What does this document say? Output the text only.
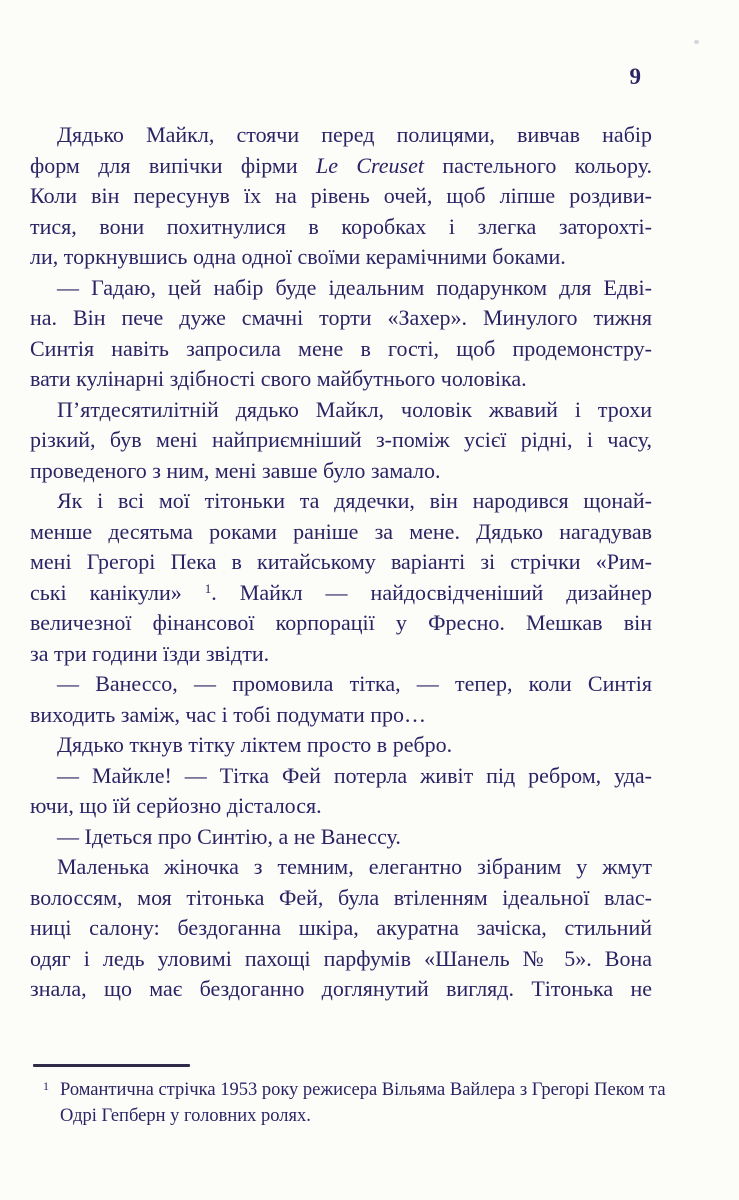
9
Дядько Майкл, стоячи перед полицями, вивчав набір
форм для випічки фірми Le Creuset пастельного кольору.
Коли він пересунув їх на рівень очей, щоб ліпше роздиви-
тися, вони похитнулися в коробках і злегка заторохті-
ли, торкнувшись одна одної своїми керамічними боками.
— Гадаю, цей набір буде ідеальним подарунком для Едві-
на. Він пече дуже смачні торти «Захер». Минулого тижня
Синтія навіть запросила мене в гості, щоб продемонстру-
вати кулінарні здібності свого майбутнього чоловіка.
П’ятдесятилітній дядько Майкл, чоловік жвавий і трохи
різкий, був мені найприємніший з-поміж усієї рідні, і часу,
проведеного з ним, мені завше було замало.
Як і всі мої тітоньки та дядечки, він народився щонай-
менше десятьма роками раніше за мене. Дядько нагадував
мені Грегорі Пека в китайському варіанті зі стрічки «Рим-
ські канікули» $^1$. Майкл — найдосвідченіший дизайнер
величезної фінансової корпорації у Фресно. Мешкав він
за три години їзди звідти.
— Ванессо, — промовила тітка, — тепер, коли Синтія
виходить заміж, час і тобі подумати про…
Дядько ткнув тітку ліктем просто в ребро.
— Майкле! — Тітка Фей потерла живіт під ребром, уда-
ючи, що їй серйозно дісталося.
— Ідеться про Синтію, а не Ванессу.
Маленька жіночка з темним, елегантно зібраним у жмут
волоссям, моя тітонька Фей, була втіленням ідеальної влас-
ниці салону: бездоганна шкіра, акуратна зачіска, стильний
одяг і ледь уловимі пахощі парфумів «Шанель № 5». Вона
знала, що має бездоганно доглянутий вигляд. Тітонька не
1 Романтична стрічка 1953 року режисера Вільяма Вайлера з Грегорі Пеком та
Одрі Гепберн у головних ролях.
